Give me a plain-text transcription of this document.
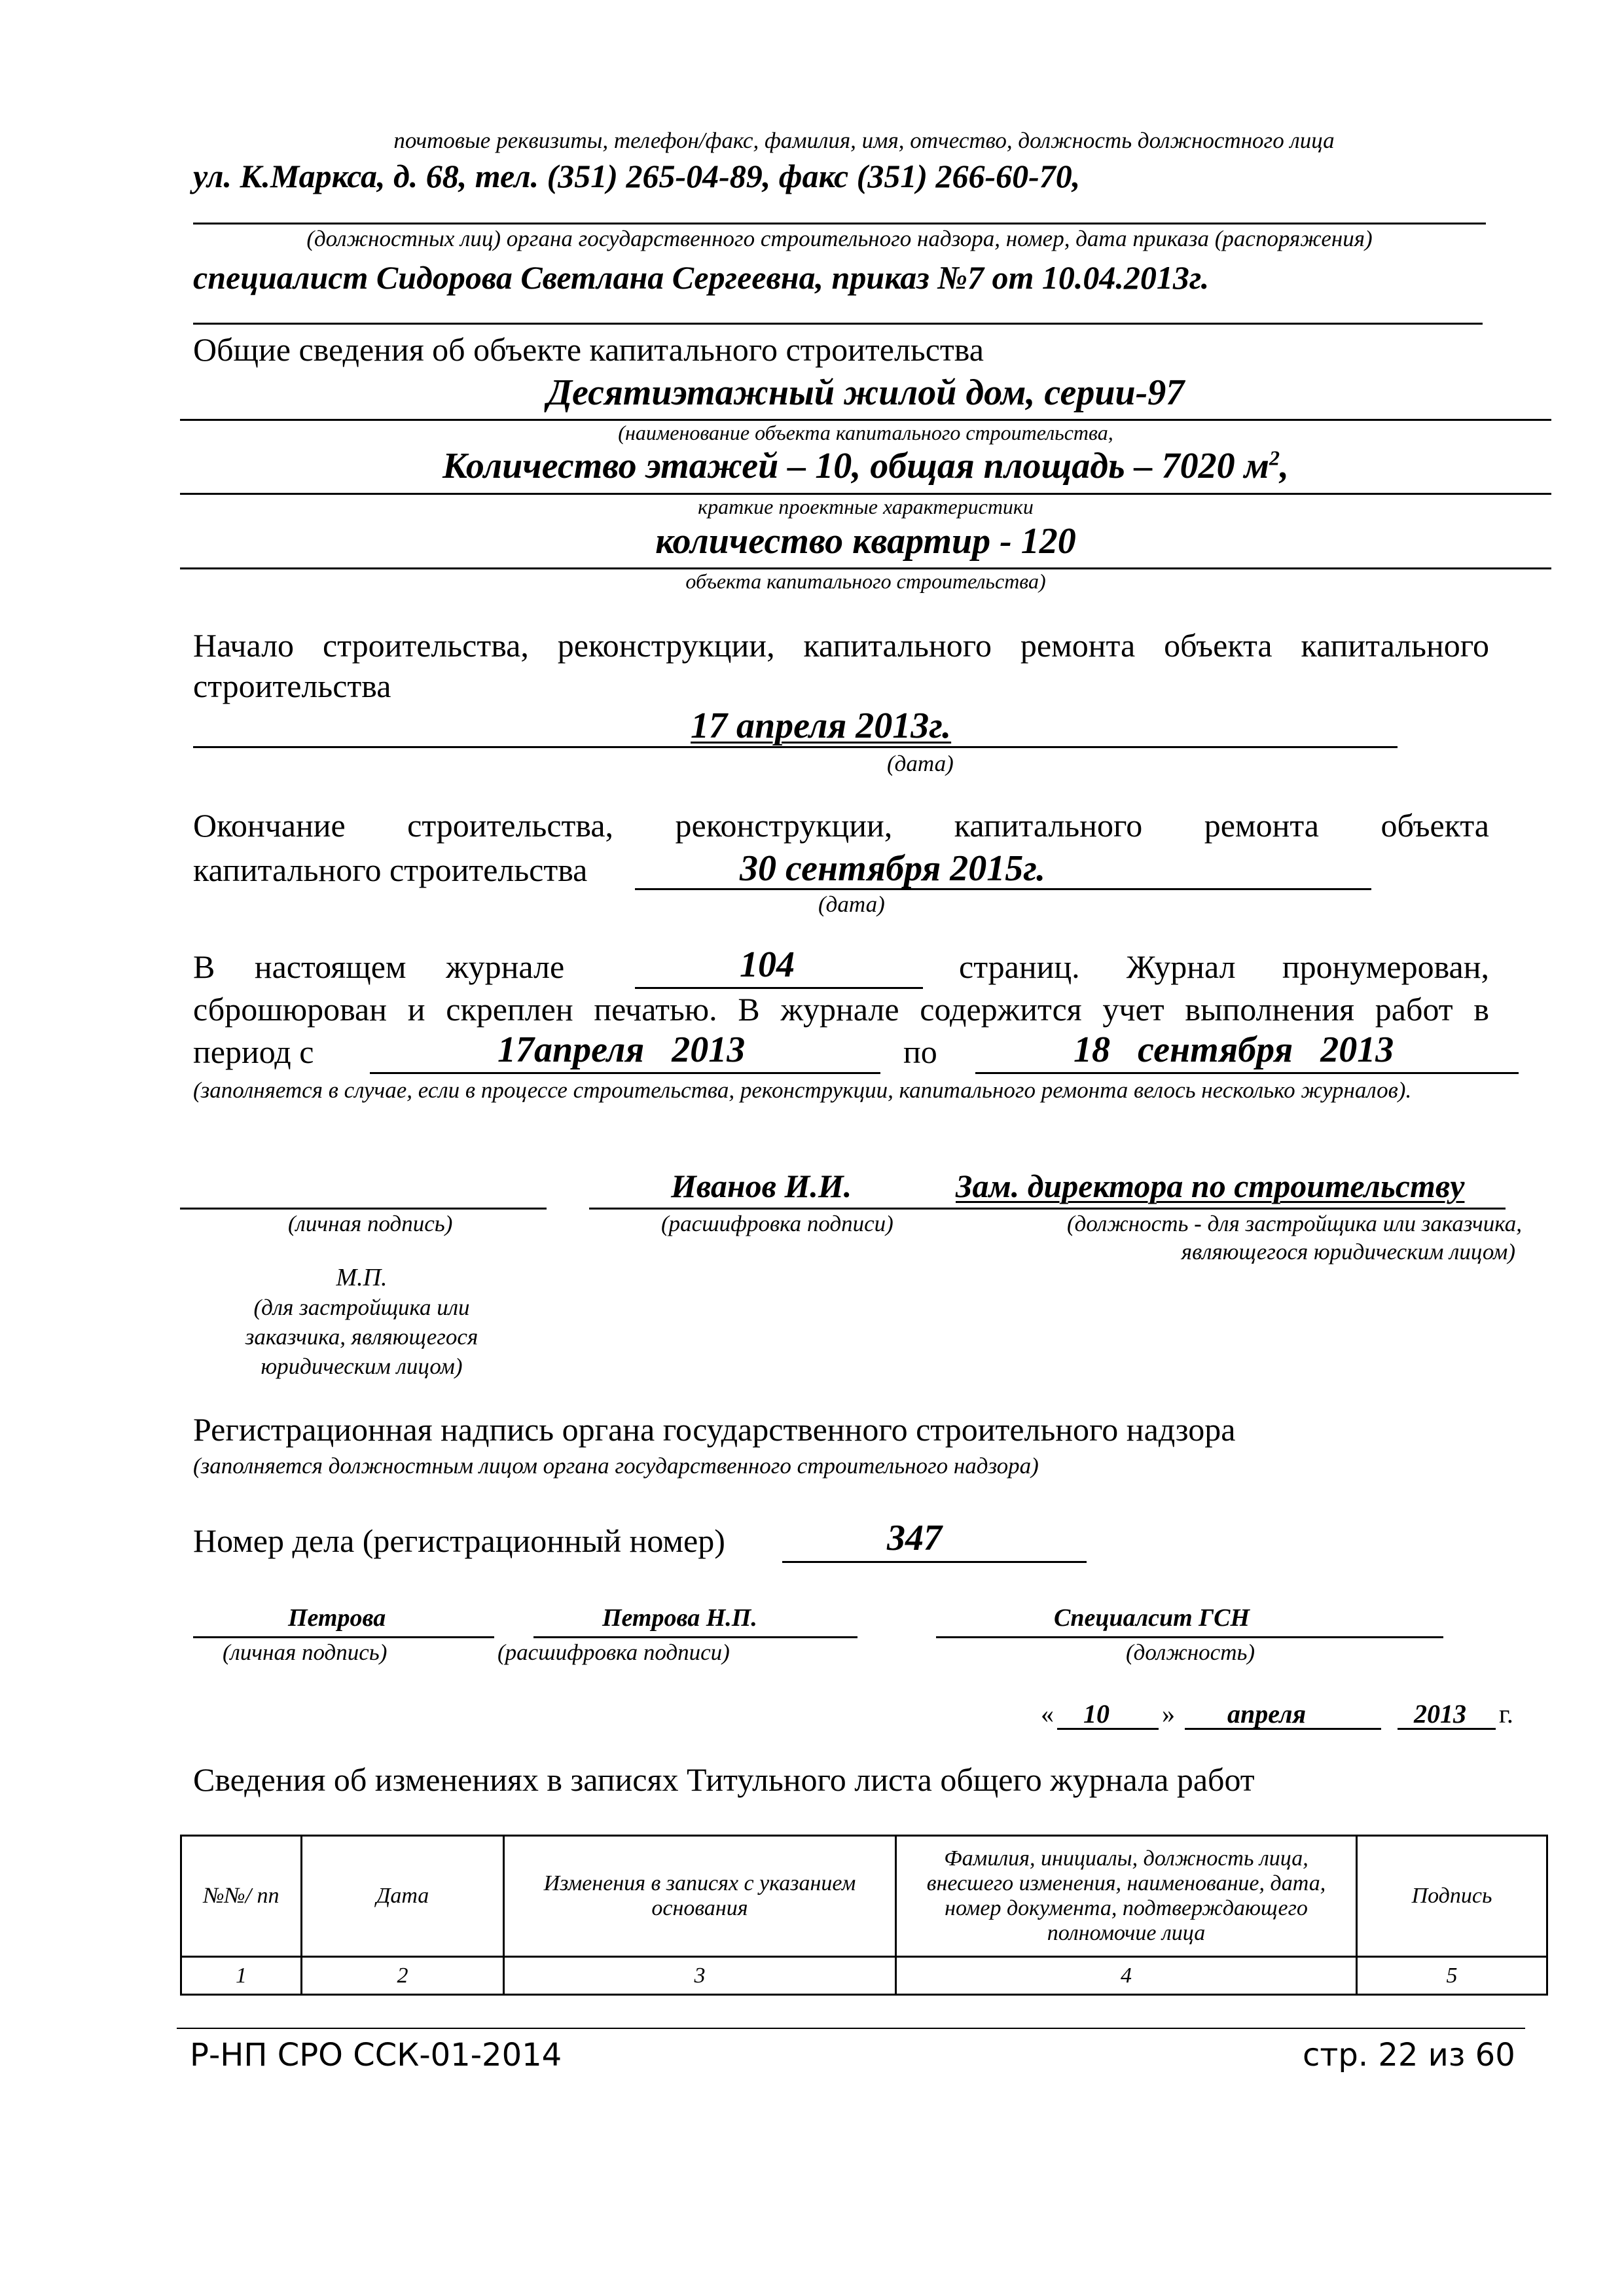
почтовые реквизиты, телефон/факс, фамилия, имя, отчество, должность должностного лица
ул. К.Маркса, д. 68, тел. (351) 265-04-89, факс (351) 266-60-70,
(должностных лиц) органа государственного строительного надзора, номер, дата приказа (распоряжения)
специалист Сидорова Светлана Сергеевна, приказ №7 от 10.04.2013г.
Общие сведения об объекте капитального строительства
Десятиэтажный жилой дом, серии-97
(наименование объекта капитального строительства,
Количество этажей – 10, общая площадь – 7020 $м^2$,
краткие проектные характеристики
количество квартир - 120
объекта капитального строительства)
Начало строительства, реконструкции, капитального ремонта объекта капитального строительства
17 апреля 2013г.
(дата)
Окончание строительства, реконструкции, капитального ремонта объекта
капитального строительства	30 сентября 2015г.
(дата)
В настоящем журнале	104	страниц. Журнал пронумерован,
сброшюрован и скреплен печатью. В журнале содержится учет выполнения работ в
период с	17апреля   2013	по	18   сентября   2013
(заполняется в случае, если в процессе строительства, реконструкции, капитального ремонта велось несколько журналов).
Иванов И.И.	Зам. директора по строительству
(личная подпись)	(расшифровка подписи)	(должность - для застройщика или заказчика,
являющегося юридическим лицом)
М.П.
(для застройщика или
заказчика, являющегося
юридическим лицом)
Регистрационная надпись органа государственного строительного надзора
(заполняется должностным лицом органа государственного строительного надзора)
Номер дела (регистрационный номер)	347
Петрова	Петрова Н.П.	Специалсит ГСН
(личная подпись)	(расшифровка подписи)	(должность)
« 10 » апреля	2013 г.
Сведения об изменениях в записях Титульного листа общего журнала работ
№№/ пп	Дата	Изменения в записях с указанием основания	Фамилия, инициалы, должность лица, внесшего изменения, наименование, дата, номер документа, подтверждающего полномочие лица	Подпись
1	2	3	4	5
Р-НП СРО ССК-01-2014	стр. 22 из 60
